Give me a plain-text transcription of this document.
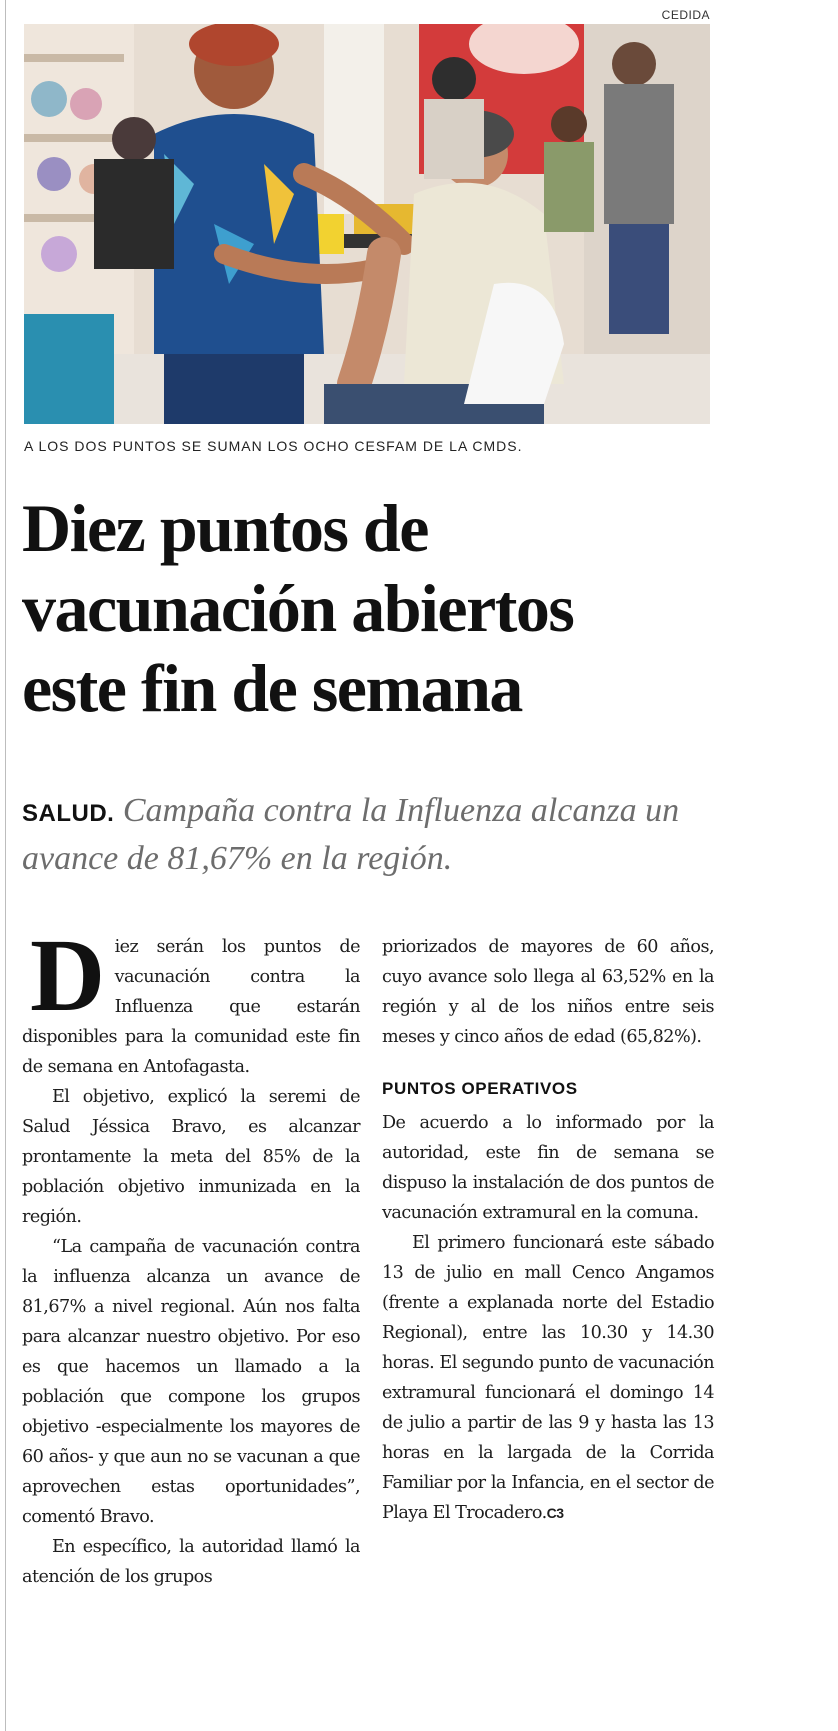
CEDIDA
A LOS DOS PUNTOS SE SUMAN LOS OCHO CESFAM DE LA CMDS.
Diez puntos de
vacunación abiertos
este fin de semana
SALUD. Campaña contra la Influenza alcanza un avance de 81,67% en la región.

Diez serán los puntos de vacunación contra la Influenza que estarán disponibles para la comunidad este fin de semana en Antofagasta.

El objetivo, explicó la seremi de Salud Jéssica Bravo, es alcanzar prontamente la meta del 85% de la población objetivo inmunizada en la región.

“La campaña de vacunación contra la influenza alcanza un avance de 81,67% a nivel regional. Aún nos falta para alcanzar nuestro objetivo. Por eso es que hacemos un llamado a la población que compone los grupos objetivo -especialmente los mayores de 60 años- y que aun no se vacunan a que aprovechen estas oportunidades”, comentó Bravo.

En específico, la autoridad llamó la atención de los grupos

priorizados de mayores de 60 años, cuyo avance solo llega al 63,52% en la región y al de los niños entre seis meses y cinco años de edad (65,82%).

PUNTOS OPERATIVOS

De acuerdo a lo informado por la autoridad, este fin de semana se dispuso la instalación de dos puntos de vacunación extramural en la comuna.

El primero funcionará este sábado 13 de julio en mall Cenco Angamos (frente a explanada norte del Estadio Regional), entre las 10.30 y 14.30 horas. El segundo punto de vacunación extramural funcionará el domingo 14 de julio a partir de las 9 y hasta las 13 horas en la largada de la Corrida Familiar por la Infancia, en el sector de Playa El Trocadero.C3
